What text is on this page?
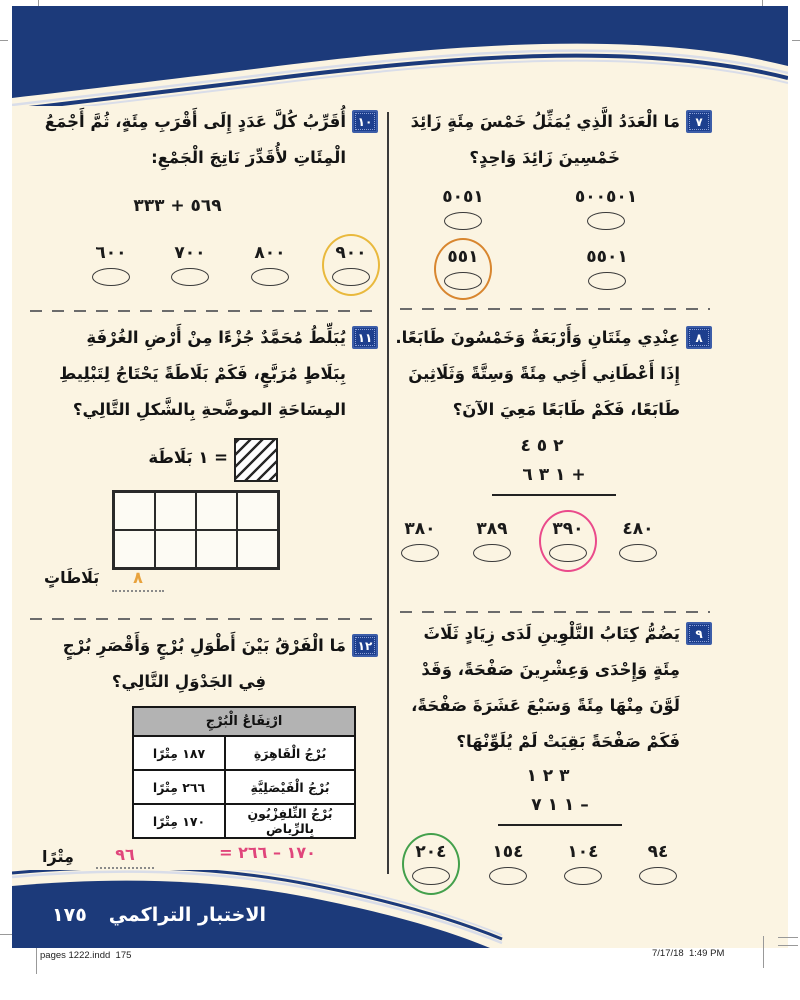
٧
مَا الْعَدَدُ الَّذِي يُمَثِّلُ خَمْسَ مِئَةٍ زَائِدَ
خَمْسِينَ زَائِدَ وَاحِدٍ؟
٥٠٠٥٠١
٥٠٥١
٥٥٠١
٥٥١
٨
عِنْدِي مِئَتَانِ وَأَرْبَعَةٌ وَخَمْسُونَ طَابَعًا.
إِذَا أَعْطَانِي أَخِي مِئَةً وَسِتَّةً وَثَلَاثِينَ
طَابَعًا، فَكَمْ طَابَعًا مَعِيَ الآنَ؟
٢ ٥ ٤
١ ٣ ٦ +
٤٨٠
٣٩٠
٣٨٩
٣٨٠
٩
يَضُمُّ كِتَابُ التَّلْوِينِ لَدَى زِيَادٍ ثَلَاثَ
مِئَةٍ وَإِحْدَى وَعِشْرِينَ صَفْحَةً، وَقَدْ
لَوَّنَ مِنْهَا مِئَةً وَسَبْعَ عَشَرَةَ صَفْحَةً،
فَكَمْ صَفْحَةً بَقِيَتْ لَمْ يُلَوِّنْهَا؟
٣ ٢ ١
١ ١ ٧ –
٩٤
١٠٤
١٥٤
٢٠٤
١٠
أُقَرِّبُ كُلَّ عَدَدٍ إِلَى أَقْرَبِ مِئَةٍ، ثُمَّ أَجْمَعُ
الْمِئَاتِ لأُقَدِّرَ نَاتِجَ الْجَمْعِ:
٥٦٩ + ٣٣٣
٩٠٠
٨٠٠
٧٠٠
٦٠٠
١١
يُبَلِّطُ مُحَمَّدٌ جُزْءًا مِنْ أَرْضِ الغُرْفَةِ
بِبَلَاطٍ مُرَبَّعٍ، فَكَمْ بَلَاطَةً يَحْتَاجُ لِتَبْلِيطِ
المِسَاحَةِ الموضَّحةِ بِالشَّكلِ التَّالِي؟
= ١ بَلَاطَة
٨
بَلَاطَاتٍ
١٢
مَا الْفَرْقُ بَيْنَ أَطْوَلِ بُرْجٍ وَأَقْصَرِ بُرْجٍ
فِي الجَدْوَلِ التَّالِي؟
ارْتِفَاعُ الْبُرْجِ	
بُرْجُ الْقَاهِرَةِ	١٨٧ مِتْرًا
بُرْجُ الْفَيْصَلِيَّةِ	٢٦٦ مِتْرًا
بُرْجُ التِّلفِزْيُونِ بِالرِّياضِ	١٧٠ مِتْرًا
= ١٧٠ – ٢٦٦
٩٦
مِتْرًا
الاختبار التراكمي
١٧٥
pages 1222.indd  175	7/17/18  1:49 PM
